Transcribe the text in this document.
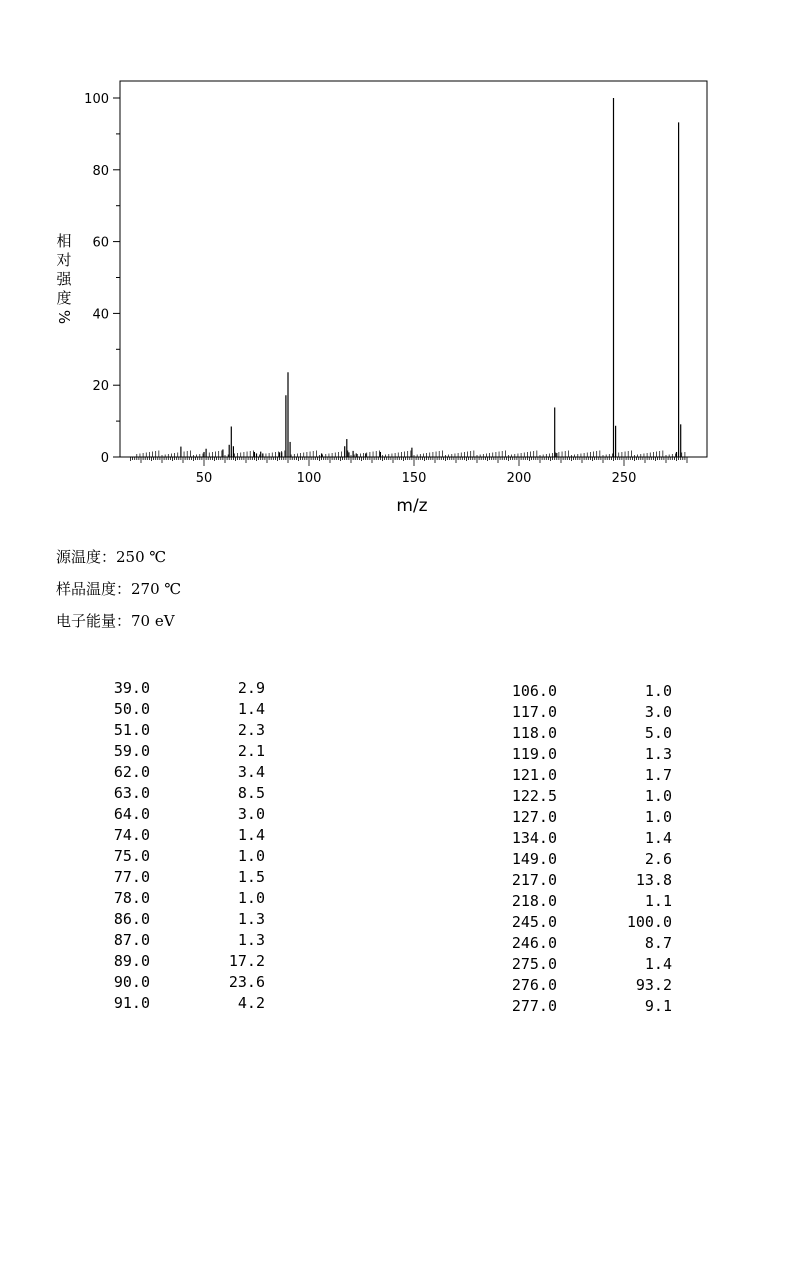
0
20
40
60
80
100
50	100	150	200	250
m/z
相
对
强
度
%
源温度：250 ℃
样品温度：270 ℃
电子能量：70 eV
39.0	2.9
50.0	1.4
51.0	2.3
59.0	2.1
62.0	3.4
63.0	8.5
64.0	3.0
74.0	1.4
75.0	1.0
77.0	1.5
78.0	1.0
86.0	1.3
87.0	1.3
89.0	17.2
90.0	23.6
91.0	4.2
106.0	1.0
117.0	3.0
118.0	5.0
119.0	1.3
121.0	1.7
122.5	1.0
127.0	1.0
134.0	1.4
149.0	2.6
217.0	13.8
218.0	1.1
245.0	100.0
246.0	8.7
275.0	1.4
276.0	93.2
277.0	9.1
